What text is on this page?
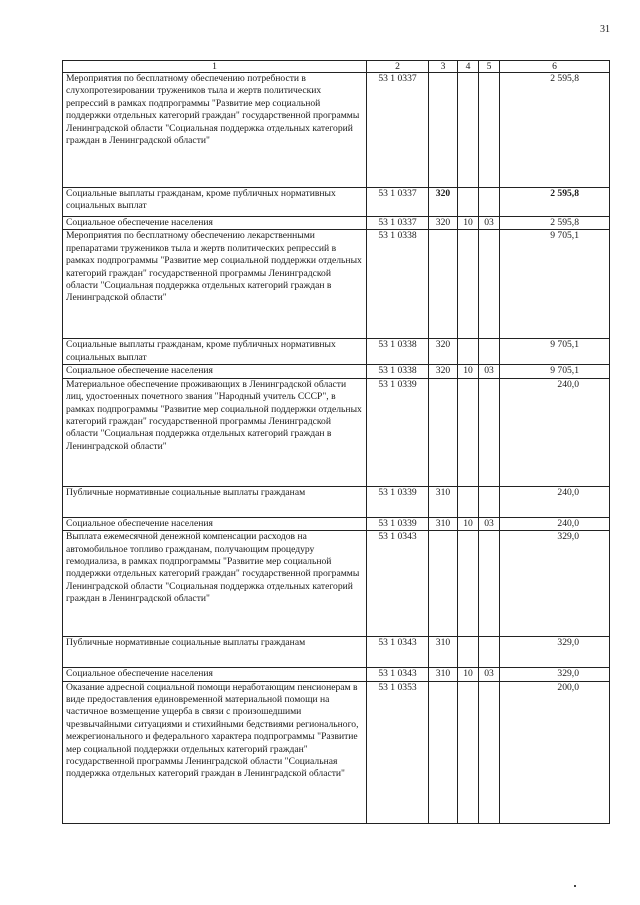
31
1	2	3	4	5	6
Мероприятия по бесплатному обеспечению потребности в слухопротезировании тружеников тыла и жертв политических репрессий в рамках подпрограммы "Развитие мер социальной поддержки отдельных категорий граждан" государственной программы Ленинградской области "Социальная поддержка отдельных категорий граждан в Ленинградской области"	53 1 0337				2 595,8
Социальные выплаты гражданам, кроме публичных нормативных социальных выплат	53 1 0337	320			2 595,8
Социальное обеспечение населения	53 1 0337	320	10	03	2 595,8
Мероприятия по бесплатному обеспечению лекарственными препаратами тружеников тыла и жертв политических репрессий в рамках подпрограммы "Развитие мер социальной поддержки отдельных категорий граждан" государственной программы Ленинградской области "Социальная поддержка отдельных категорий граждан в Ленинградской области"	53 1 0338				9 705,1
Социальные выплаты гражданам, кроме публичных нормативных социальных выплат	53 1 0338	320			9 705,1
Социальное обеспечение населения	53 1 0338	320	10	03	9 705,1
Материальное обеспечение проживающих в Ленинградской области лиц, удостоенных почетного звания "Народный учитель СССР", в рамках подпрограммы "Развитие мер социальной поддержки отдельных категорий граждан" государственной программы Ленинградской области "Социальная поддержка отдельных категорий граждан в Ленинградской области"	53 1 0339				240,0
Публичные нормативные социальные выплаты гражданам	53 1 0339	310			240,0
Социальное обеспечение населения	53 1 0339	310	10	03	240,0
Выплата ежемесячной денежной компенсации расходов на автомобильное топливо гражданам, получающим процедуру гемодиализа, в рамках подпрограммы "Развитие мер социальной поддержки отдельных категорий граждан" государственной программы Ленинградской области "Социальная поддержка отдельных категорий граждан в Ленинградской области"	53 1 0343				329,0
Публичные нормативные социальные выплаты гражданам	53 1 0343	310			329,0
Социальное обеспечение населения	53 1 0343	310	10	03	329,0
Оказание адресной социальной помощи неработающим пенсионерам в виде предоставления единовременной материальной помощи на частичное возмещение ущерба в связи с произошедшими чрезвычайными ситуациями и стихийными бедствиями регионального, межрегионального и федерального характера подпрограммы "Развитие мер социальной поддержки отдельных категорий граждан" государственной программы Ленинградской области "Социальная поддержка отдельных категорий граждан в Ленинградской области"	53 1 0353				200,0
